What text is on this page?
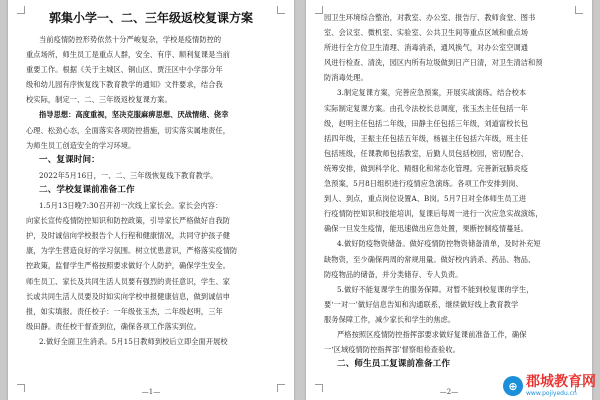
郭集小学一、二、三年级返校复课方案
当前疫情防控形势依然十分严峻复杂，学校是疫情防控的
重点场所，师生员工是重点人群，安全、有序、顺利复课是当前
重要工作。根据《关于主城区、铜山区、贾汪区中小学部分年
级和幼儿园有序恢复线下教育教学的通知》文件要求，结合我
校实际，制定一、二、三年级返校复课方案。
指导思想：高度重视，坚决克服麻痹思想、厌战情绪、侥幸
心理、松劲心态，全面落实各项防控措施，切实落实属地责任，
为师生员工创造安全的学习环境。
一、复课时间：
2022年5月16日，一、二、三年级恢复线下教育教学。
二、学校复课前准备工作
1.5月13日晚7:30召开初一次线上家长会。家长会内容：
向家长宣传疫情防控知识和防控政策，引导家长严格做好自我防
护，及时诚信向学校报告个人行程和健康情况，共同守护孩子健
康，为学生营造良好的学习氛围。树立忧患意识，严格落实疫情防
控政策，监督学生严格按照要求做好个人防护，确保学生安全。
师生员工、家长及共同生活人员要有强烈的责任意识，学生、家
长或共同生活人员要及时如实向学校申报健康信息，做到诚信申
报，如实填报。责任校子：一年级张玉杰，二年级赵明，三年
级田静。责任校干督查到位，确保各项工作落实到位。
2.做好全面卫生消杀。5月15日教师到校后立即全面开展校
—1—
园卫生环境综合整治，对教室、办公室、报告厅、教师食堂、图书
室、会议室、微机室、实验室、公共卫生间等重点区域和重点场
所进行全方位卫生清理、消毒消杀，通风换气，对办公室空调通
风进行检查、清洗，园区内所有垃圾做到日产日清，对卫生清洁和预
防消毒处理。
3.制定复课方案，完善应急预案，开展实战演练。结合校本
实际制定复课方案。由孔令法校长总调度，张玉杰主任包括一年
级，赵明主任包括二年级，田静主任包括三年级，刘道富校长包
括四年级，王振主任包括五年级，杨福主任包括六年级，班主任
包括班级，任课教师包括教室，后勤人员包括校园，密切配合、
统筹安排，做到科学化、精细化和常态化管理。完善新冠肺炎疫
急预案，5月8日组织进行疫情应急演练。各项工作安排到岗、
到人、到点，重点岗位设置A、B岗。5月7日对全体师生员工进
行疫情防控知识和技能培训，复课后每周一进行一次应急实战演练，
确保一旦发生疫情，能迅速做出应急处置，果断控制疫情蔓延。
4.做好防疫物资储备。做好疫情防控物资储备清单，及时补充短
缺物资，至少确保两周的常规用量。做好校内消杀、药品、物品、
防疫物品的储备，并分类储存、专人负责。
5.做好不能复课学生的服务保障。对暂不能到校复课的学生，
要‘一对一’做好信息告知和沟通联系，继续做好线上教育教学
服务保障工作，减少家长和学生的焦虑。
严格按照区疫情防控指挥部要求做好复课前准备工作，确保
一‘区域疫情防控指挥部’督察组检查验收。
二、师生员工复课前准备工作
—2—	⊕ 郡城教育网
www.pojiyedu.cn
